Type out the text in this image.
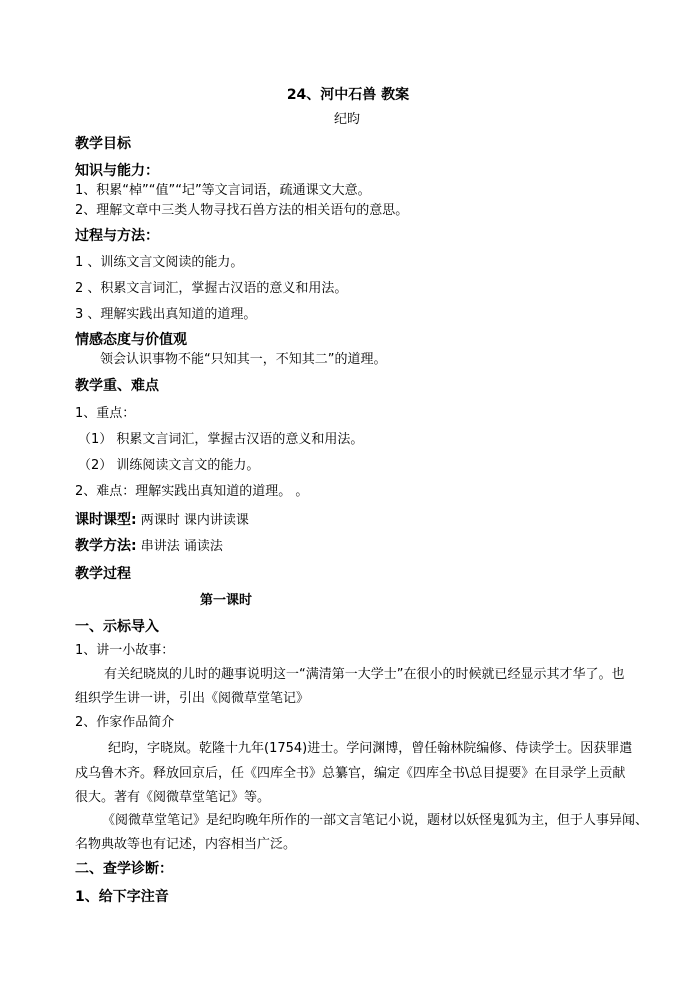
24、河中石兽 教案
纪昀
教学目标
知识与能力：
1、积累“棹”“值”“圮”等文言词语，疏通课文大意。
2、理解文章中三类人物寻找石兽方法的相关语句的意思。
过程与方法：
1 、训练文言文阅读的能力。
2 、积累文言词汇，掌握古汉语的意义和用法。
3 、理解实践出真知道的道理。
情感态度与价值观
领会认识事物不能“只知其一，不知其二”的道理。
教学重、难点
1、重点：
（1） 积累文言词汇，掌握古汉语的意义和用法。
（2） 训练阅读文言文的能力。
2、难点：理解实践出真知道的道理。 。
课时课型: 两课时 课内讲读课
教学方法: 串讲法 诵读法
教学过程
第一课时
一、示标导入
1、讲一小故事：
有关纪晓岚的儿时的趣事说明这一“满清第一大学士”在很小的时候就已经显示其才华了。也
组织学生讲一讲，引出《阅微草堂笔记》
2、作家作品简介
纪昀，字晓岚。乾隆十九年(1754)进士。学问渊博，曾任翰林院编修、侍读学士。因获罪遣
戍乌鲁木齐。释放回京后，任《四库全书》总纂官，编定《四库全书\总目提要》在目录学上贡献
很大。著有《阅微草堂笔记》等。
《阅微草堂笔记》是纪昀晚年所作的一部文言笔记小说，题材以妖怪鬼狐为主，但于人事异闻、
名物典故等也有记述，内容相当广泛。
二、查学诊断：
1、给下字注音
